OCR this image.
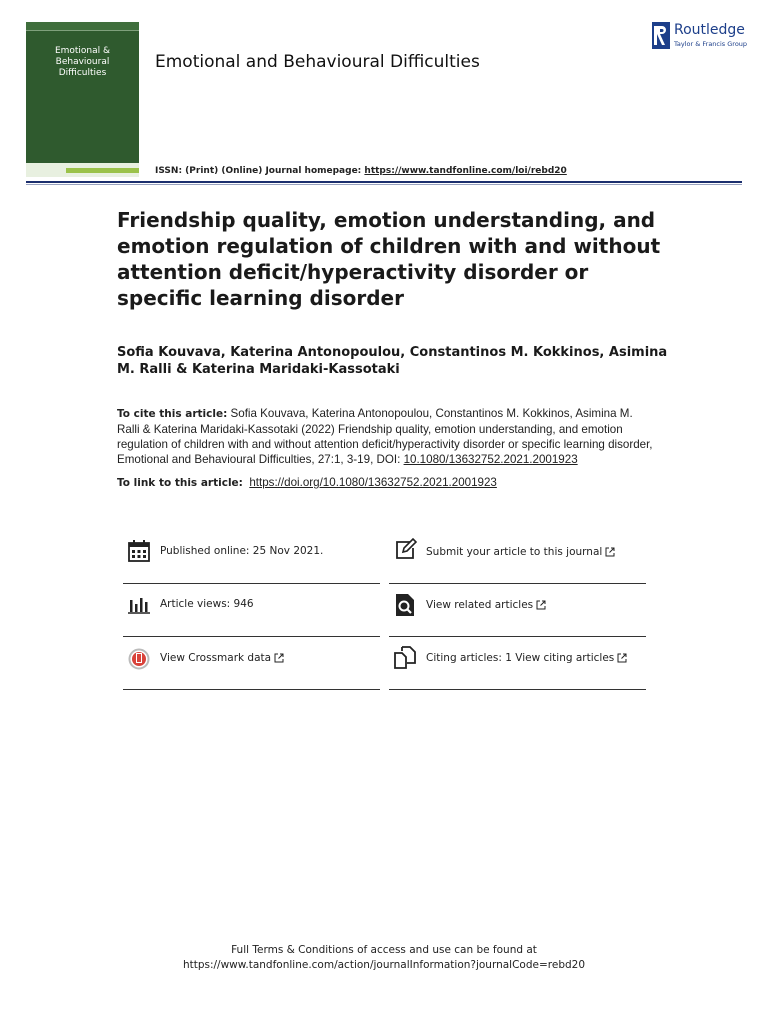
Emotional &
Behavioural
Difficulties
Emotional and Behavioural Difficulties
Routledge
Taylor & Francis Group
ISSN: (Print) (Online) Journal homepage: https://www.tandfonline.com/loi/rebd20
Friendship quality, emotion understanding, and emotion regulation of children with and without attention deficit/hyperactivity disorder or specific learning disorder
Sofia Kouvava, Katerina Antonopoulou, Constantinos M. Kokkinos, Asimina M. Ralli & Katerina Maridaki-Kassotaki
To cite this article: Sofia Kouvava, Katerina Antonopoulou, Constantinos M. Kokkinos, Asimina M. Ralli & Katerina Maridaki-Kassotaki (2022) Friendship quality, emotion understanding, and emotion regulation of children with and without attention deficit/hyperactivity disorder or specific learning disorder, Emotional and Behavioural Difficulties, 27:1, 3-19, DOI: 10.1080/13632752.2021.2001923
To link to this article: https://doi.org/10.1080/13632752.2021.2001923
Published online: 25 Nov 2021.
Article views: 946
View Crossmark data
Submit your article to this journal
View related articles
Citing articles: 1 View citing articles
Full Terms & Conditions of access and use can be found at
https://www.tandfonline.com/action/journalInformation?journalCode=rebd20
